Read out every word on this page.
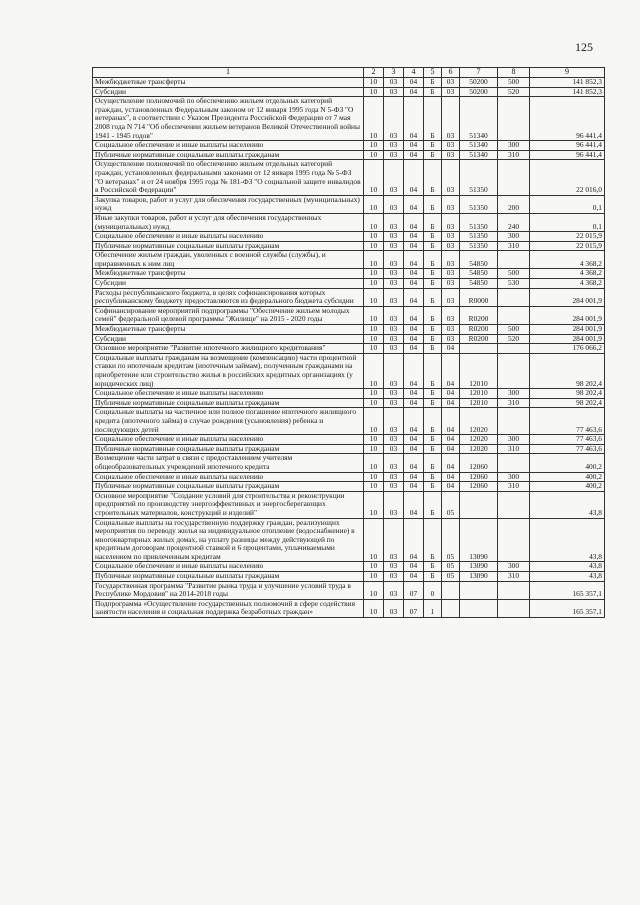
125
1	2	3	4	5	6	7	8	9
Межбюджетные трансферты	10	03	04	Б	03	50200	500	141 852,3
Субсидии	10	03	04	Б	03	50200	520	141 852,3
Осуществление полномочий по обеспечению жильем отдельных категорий граждан, установленных Федеральным законом от 12 января 1995 года N 5-ФЗ "О ветеранах", в соответствии с Указом Президента Российской Федерации от 7 мая 2008 года N 714 "Об обеспечении жильем ветеранов Великой Отечественной войны 1941 - 1945 годов"	10	03	04	Б	03	51340		96 441,4
Социальное обеспечение и иные выплаты населению	10	03	04	Б	03	51340	300	96 441,4
Публичные нормативные социальные выплаты гражданам	10	03	04	Б	03	51340	310	96 441,4
Осуществление полномочий по обеспечению жильем отдельных категорий граждан, установленных федеральными законами от 12 января 1995 года № 5-ФЗ "О ветеранах" и от 24 ноября 1995 года № 181-ФЗ "О социальной защите инвалидов в Российской Федерации"	10	03	04	Б	03	51350		22 016,0
Закупка товаров, работ и услуг для обеспечения государственных (муниципальных) нужд	10	03	04	Б	03	51350	200	0,1
Иные закупки товаров, работ и услуг для обеспечения государственных (муниципальных) нужд	10	03	04	Б	03	51350	240	0,1
Социальное обеспечение и иные выплаты населению	10	03	04	Б	03	51350	300	22 015,9
Публичные нормативные социальные выплаты гражданам	10	03	04	Б	03	51350	310	22 015,9
Обеспечение жильем граждан, уволенных с военной службы (службы), и приравненных к ним лиц	10	03	04	Б	03	54850		4 368,2
Межбюджетные трансферты	10	03	04	Б	03	54850	500	4 368,2
Субсидии	10	03	04	Б	03	54850	530	4 368,2
Расходы республиканского бюджета, в целях софинансирования которых республиканскому бюджету предоставляются из федерального бюджета субсидии	10	03	04	Б	03	R0000		284 001,9
Софинансирование мероприятий подпрограммы "Обеспечение жильем молодых семей" федеральной целевой программы "Жилище" на 2015 - 2020 годы	10	03	04	Б	03	R0200		284 001,9
Межбюджетные трансферты	10	03	04	Б	03	R0200	500	284 001,9
Субсидии	10	03	04	Б	03	R0200	520	284 001,9
Основное мероприятие "Развитие ипотечного жилищного кредитования"	10	03	04	Б	04			176 066,2
Социальные выплаты гражданам на возмещение (компенсацию) части процентной ставки по ипотечным кредитам (ипотечным займам), полученным гражданами на приобретение или строительство жилья в российских кредитных организациях (у юридических лиц)	10	03	04	Б	04	12010		98 202,4
Социальное обеспечение и иные выплаты населению	10	03	04	Б	04	12010	300	98 202,4
Публичные нормативные социальные выплаты гражданам	10	03	04	Б	04	12010	310	98 202,4
Социальные выплаты на частичное или полное погашение ипотечного жилищного кредита (ипотечного займа) в случае рождения (усыновления) ребенка и последующих детей	10	03	04	Б	04	12020		77 463,6
Социальное обеспечение и иные выплаты населению	10	03	04	Б	04	12020	300	77 463,6
Публичные нормативные социальные выплаты гражданам	10	03	04	Б	04	12020	310	77 463,6
Возмещение части затрат в связи с предоставлением учителям общеобразовательных учреждений ипотечного кредита	10	03	04	Б	04	12060		400,2
Социальное обеспечение и иные выплаты населению	10	03	04	Б	04	12060	300	400,2
Публичные нормативные социальные выплаты гражданам	10	03	04	Б	04	12060	310	400,2
Основное мероприятие "Создание условий для строительства и реконструкции предприятий по производству энергоэффективных и энергосберегающих строительных материалов, конструкций и изделий"	10	03	04	Б	05			43,8
Социальные выплаты на государственную поддержку граждан, реализующих мероприятия по переводу жилья на индивидуальное отопление (водоснабжение) в многоквартирных жилых домах, на уплату разницы между действующей по кредитным договорам процентной ставкой и 6 процентами, уплачиваемыми населением по привлеченным кредитам	10	03	04	Б	05	13090		43,8
Социальное обеспечение и иные выплаты населению	10	03	04	Б	05	13090	300	43,8
Публичные нормативные социальные выплаты гражданам	10	03	04	Б	05	13090	310	43,8
Государственная программа "Развитие рынка труда и улучшение условий труда в Республике Мордовия" на 2014-2018 годы	10	03	07	0				165 357,1
Подпрограмма «Осуществление государственных полномочий в сфере содействия занятости населения и социальная поддержка безработных граждан»	10	03	07	1				165 357,1
